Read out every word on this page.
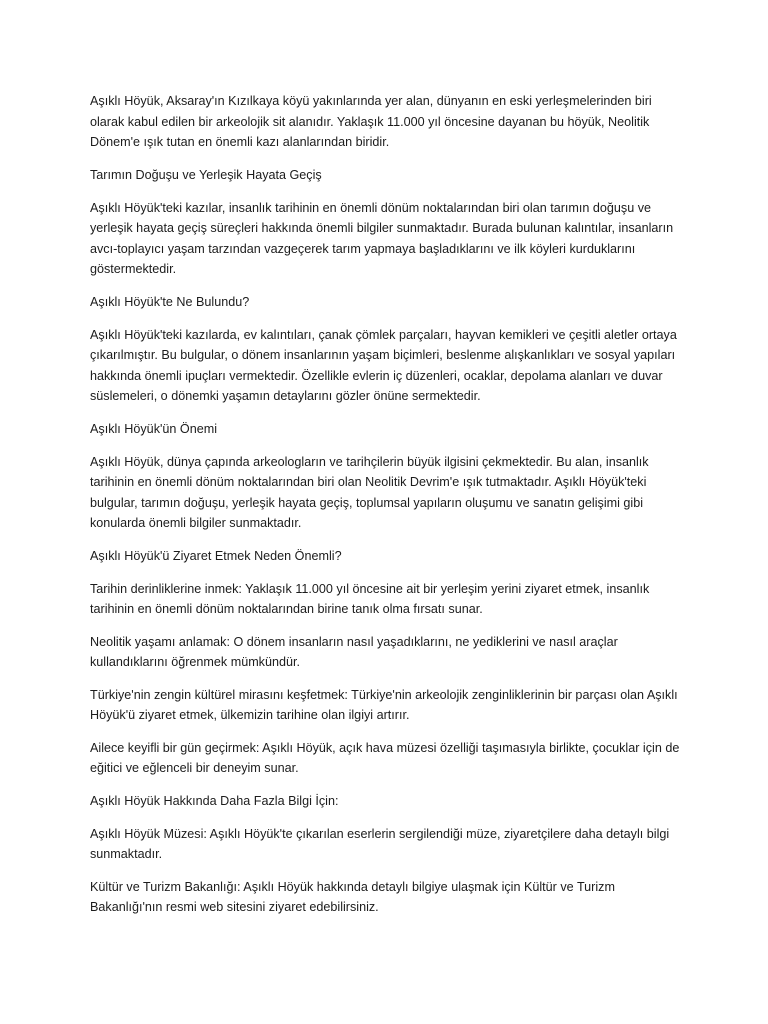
Aşıklı Höyük, Aksaray'ın Kızılkaya köyü yakınlarında yer alan, dünyanın en eski yerleşmelerinden biri olarak kabul edilen bir arkeolojik sit alanıdır. Yaklaşık 11.000 yıl öncesine dayanan bu höyük, Neolitik Dönem'e ışık tutan en önemli kazı alanlarından biridir.

Tarımın Doğuşu ve Yerleşik Hayata Geçiş

Aşıklı Höyük'teki kazılar, insanlık tarihinin en önemli dönüm noktalarından biri olan tarımın doğuşu ve yerleşik hayata geçiş süreçleri hakkında önemli bilgiler sunmaktadır. Burada bulunan kalıntılar, insanların avcı-toplayıcı yaşam tarzından vazgeçerek tarım yapmaya başladıklarını ve ilk köyleri kurduklarını göstermektedir.

Aşıklı Höyük'te Ne Bulundu?

Aşıklı Höyük'teki kazılarda, ev kalıntıları, çanak çömlek parçaları, hayvan kemikleri ve çeşitli aletler ortaya çıkarılmıştır. Bu bulgular, o dönem insanlarının yaşam biçimleri, beslenme alışkanlıkları ve sosyal yapıları hakkında önemli ipuçları vermektedir. Özellikle evlerin iç düzenleri, ocaklar, depolama alanları ve duvar süslemeleri, o dönemki yaşamın detaylarını gözler önüne sermektedir.

Aşıklı Höyük'ün Önemi

Aşıklı Höyük, dünya çapında arkeologların ve tarihçilerin büyük ilgisini çekmektedir. Bu alan, insanlık tarihinin en önemli dönüm noktalarından biri olan Neolitik Devrim'e ışık tutmaktadır. Aşıklı Höyük'teki bulgular, tarımın doğuşu, yerleşik hayata geçiş, toplumsal yapıların oluşumu ve sanatın gelişimi gibi konularda önemli bilgiler sunmaktadır.

Aşıklı Höyük'ü Ziyaret Etmek Neden Önemli?

Tarihin derinliklerine inmek: Yaklaşık 11.000 yıl öncesine ait bir yerleşim yerini ziyaret etmek, insanlık tarihinin en önemli dönüm noktalarından birine tanık olma fırsatı sunar.

Neolitik yaşamı anlamak: O dönem insanların nasıl yaşadıklarını, ne yediklerini ve nasıl araçlar kullandıklarını öğrenmek mümkündür.

Türkiye'nin zengin kültürel mirasını keşfetmek: Türkiye'nin arkeolojik zenginliklerinin bir parçası olan Aşıklı Höyük'ü ziyaret etmek, ülkemizin tarihine olan ilgiyi artırır.

Ailece keyifli bir gün geçirmek: Aşıklı Höyük, açık hava müzesi özelliği taşımasıyla birlikte, çocuklar için de eğitici ve eğlenceli bir deneyim sunar.

Aşıklı Höyük Hakkında Daha Fazla Bilgi İçin:

Aşıklı Höyük Müzesi: Aşıklı Höyük'te çıkarılan eserlerin sergilendiği müze, ziyaretçilere daha detaylı bilgi sunmaktadır.

Kültür ve Turizm Bakanlığı: Aşıklı Höyük hakkında detaylı bilgiye ulaşmak için Kültür ve Turizm Bakanlığı'nın resmi web sitesini ziyaret edebilirsiniz.
